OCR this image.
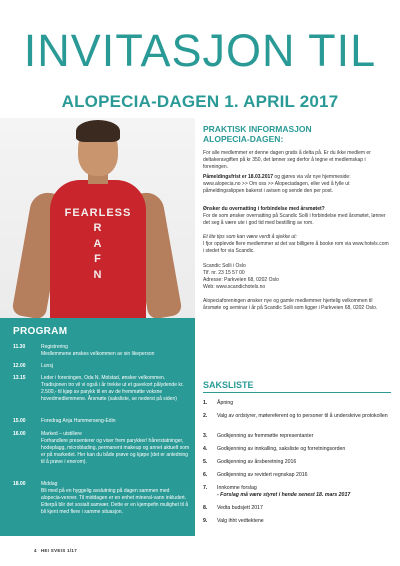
INVITASJON TIL
ALOPECIA-DAGEN 1. APRIL 2017
FEARLESS
R
A
F
N
PROGRAM
11.30	Registrering
Medlemmene ønskes velkommen av sin likeperson
12.00	Lunsj
13.15	Leder i foreningen, Oda N. Molstad, ønsker velkommen.
Tradisjonen tro vil vi også i år trekke ut et gavekort pålydende kr. 2.500,- til kjøp av parykk til en av de fremmøtte voksne hovedmedlemmene. Årsmøte (saksliste, se nederst på siden)
15.00	Foredrag Anja Hammerseng-Edin
16.00	Marked – utstillere
Forhandlere presenterer og viser frem parykker/ hårerstatninger, hodeplagg, microblading, permanent makeup og annet aktuelt som er på markedet. Her kan du både prøve og kjøpe (det er anledning til å prøve i enerom).
18.00	Middag
Bli med på en hyggelig avslutning på dagen sammen med alopecia-venner. Til middagen er en enhet mineral-vann inkludert. Etterpå blir det sosialt samvær. Dette er en kjempefin mulighet til å bli kjent med flere i samme situasjon.
PRAKTISK INFORMASJON
ALOPECIA-DAGEN:
For alle medlemmer er denne dagen gratis å delta på. Er du ikke medlem er deltakeravgiften på kr 350, det lønner seg derfor å tegne et medlemskap i foreningen.
Påmeldingsfrist er 18.03.2017 og gjøres via vår nye hjemmeside: www.alopecia.no >> Om oss >> Alopeciadagen, eller ved å fylle ut påmeldingsslippen bakerst i avisen og sende den per post.
Ønsker du overnatting i forbindelse med årsmøtet?
For de som ønsker overnatting på Scandic Solli i forbindelse med årsmøtet, lønner det seg å være ute i god tid med bestilling av rom.
Et lite tips som kan være verdt å sjekke ut:
I fjor opplevde flere medlemmer at det var billigere å booke rom via www.hotels.com i stedet for via Scandic.
Scandic Solli i Oslo
Tlf. nr. 23 15 57 00
Adresse: Parkveien 68, 0202 Oslo
Web: www.scandichotels.no
Alopeciaforeningen ønsker nye og gamle medlemmer hjertelig velkommen til årsmøte og seminar i år på Scandic Solli som ligger i Parkveien 68, 0202 Oslo.
SAKSLISTE
1.	Åpning
2.	Valg av ordstyrer, møtereferent og to personer til å underskrive protokollen
3.	Godkjenning av fremmøtte representanter
4.	Godkjenning av innkalling, saksliste og forretningsorden
5.	Godkjenning av årsberetning 2016
6.	Godkjenning av revidert regnskap 2016
7.	Innkomne forslag
- Forslag må være styret i hende senest 18. mars 2017
8.	Vedta budsjett 2017
9.	Valg ihht vedtektene
4 HEI SVEIS 1/17
